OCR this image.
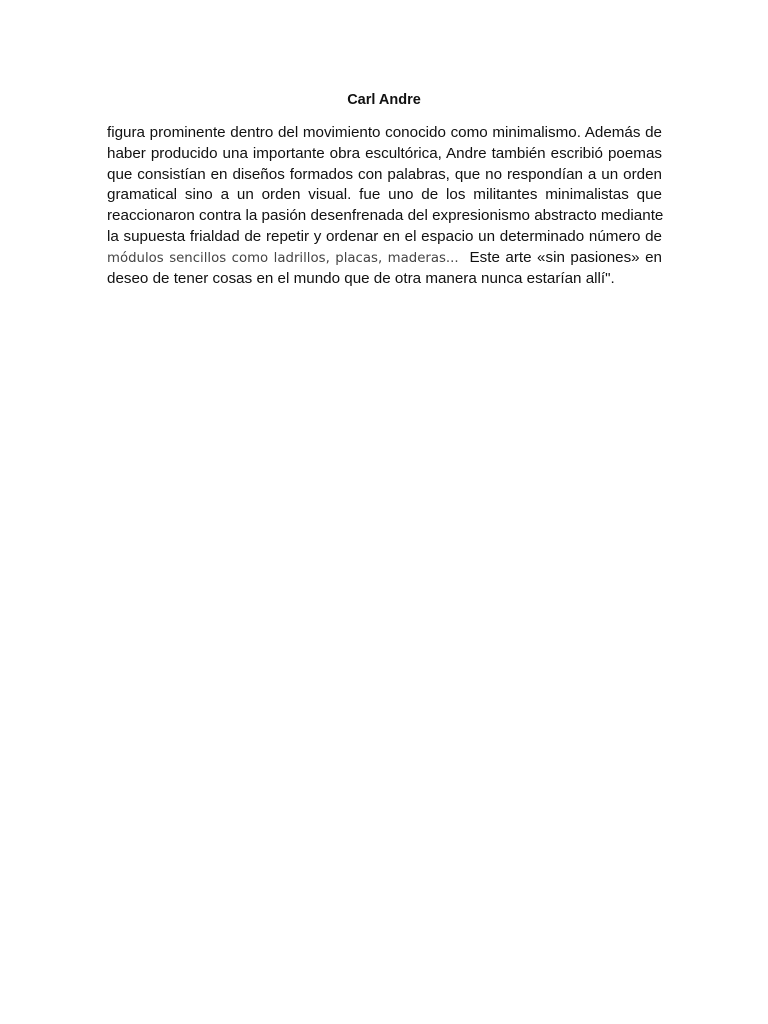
Carl Andre
figura prominente dentro del movimiento conocido como minimalismo. Además de
haber producido una importante obra escultórica, Andre también escribió poemas
que consistían en diseños formados con palabras, que no respondían a un orden
gramatical sino a un orden visual. fue uno de los militantes minimalistas que
reaccionaron contra la pasión desenfrenada del expresionismo abstracto mediante
la supuesta frialdad de repetir y ordenar en el espacio un determinado número de
módulos sencillos como ladrillos, placas, maderas... Este arte «sin pasiones» en
deseo de tener cosas en el mundo que de otra manera nunca estarían allí".
